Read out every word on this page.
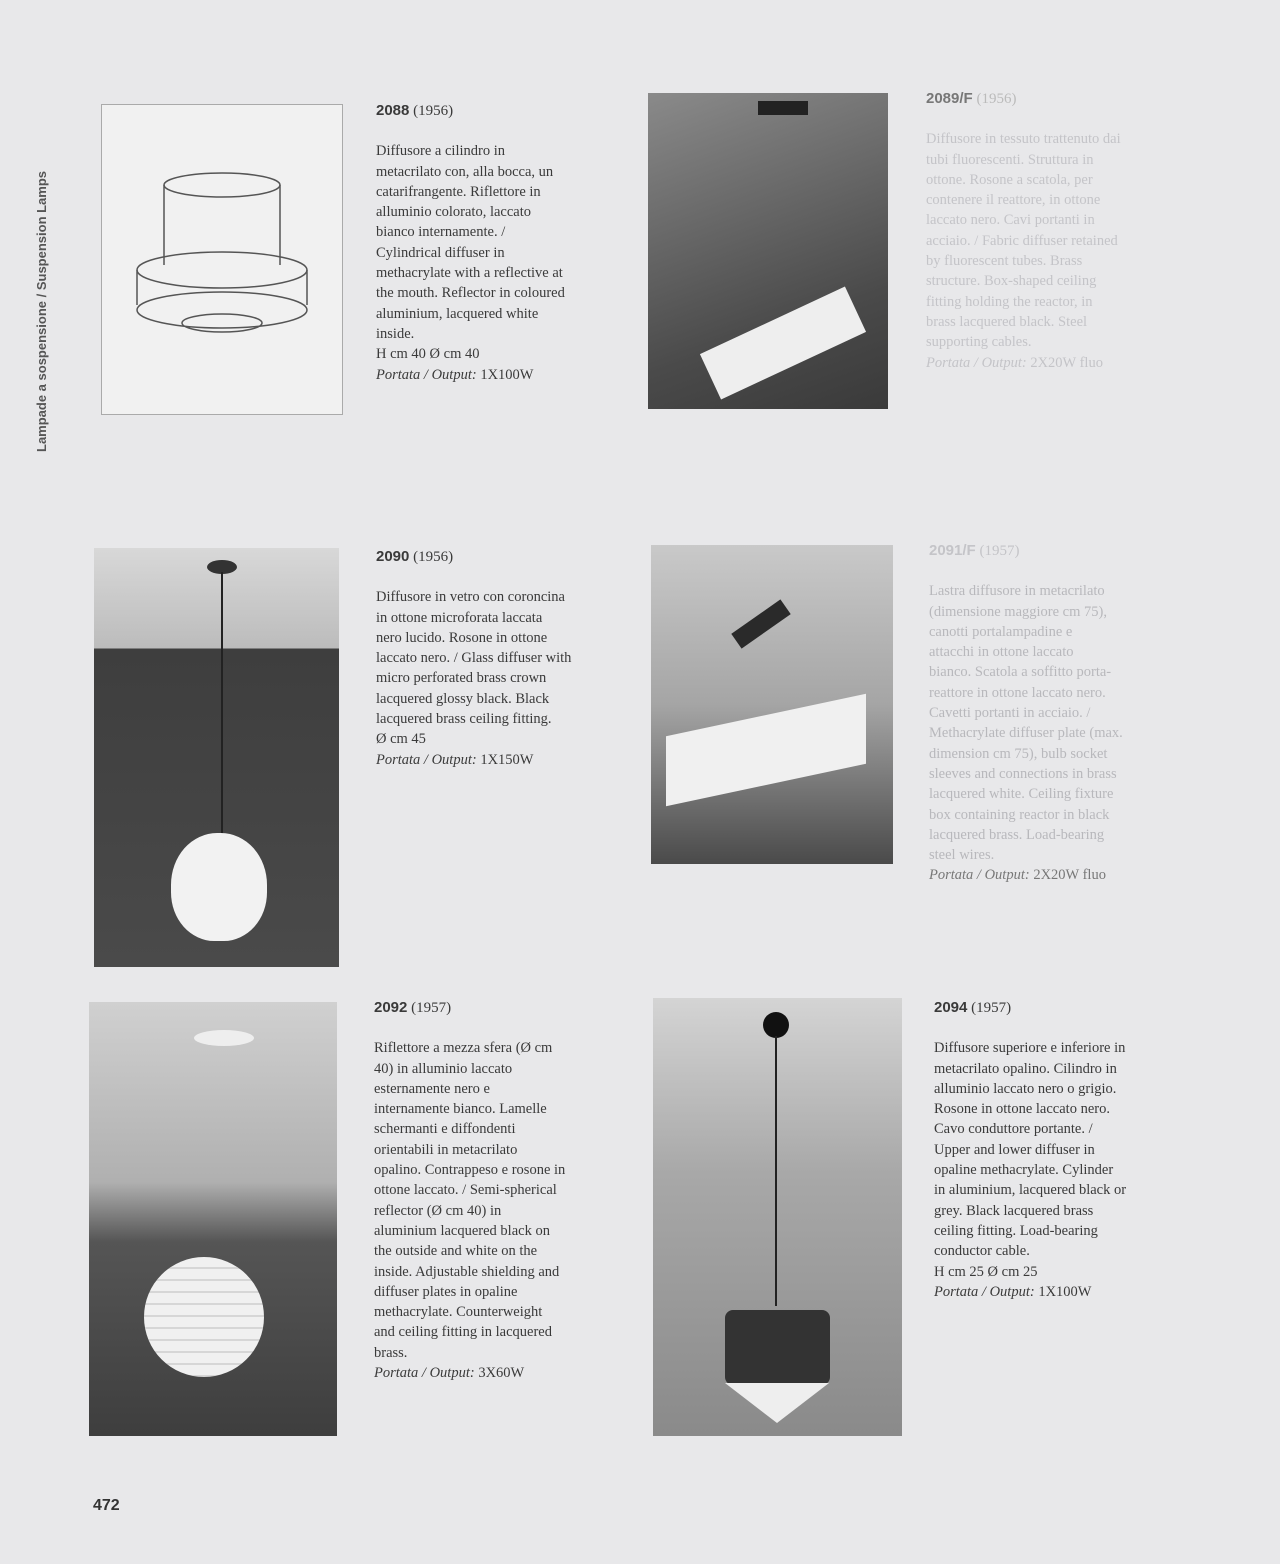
Lampade a sospensione / Suspension Lamps
2088 (1956)
Diffusore a cilindro in
metacrilato con, alla bocca, un
catarifrangente. Riflettore in
alluminio colorato, laccato
bianco internamente. /
Cylindrical diffuser in
methacrylate with a reflective at
the mouth. Reflector in coloured
aluminium, lacquered white
inside.
H cm 40 Ø cm 40
Portata / Output: 1X100W
2089/F (1956)
Diffusore in tessuto trattenuto dai
tubi fluorescenti. Struttura in
ottone. Rosone a scatola, per
contenere il reattore, in ottone
laccato nero. Cavi portanti in
acciaio. / Fabric diffuser retained
by fluorescent tubes. Brass
structure. Box-shaped ceiling
fitting holding the reactor, in
brass lacquered black. Steel
supporting cables.
Portata / Output: 2X20W fluo
2090 (1956)
Diffusore in vetro con coroncina
in ottone microforata laccata
nero lucido. Rosone in ottone
laccato nero. / Glass diffuser with
micro perforated brass crown
lacquered glossy black. Black
lacquered brass ceiling fitting.
Ø cm 45
Portata / Output: 1X150W
2091/F (1957)
Lastra diffusore in metacrilato
(dimensione maggiore cm 75),
canotti portalampadine e
attacchi in ottone laccato
bianco. Scatola a soffitto porta-
reattore in ottone laccato nero.
Cavetti portanti in acciaio. /
Methacrylate diffuser plate (max.
dimension cm 75), bulb socket
sleeves and connections in brass
lacquered white. Ceiling fixture
box containing reactor in black
lacquered brass. Load-bearing
steel wires.
Portata / Output: 2X20W fluo
2092 (1957)
Riflettore a mezza sfera (Ø cm
40) in alluminio laccato
esternamente nero e
internamente bianco. Lamelle
schermanti e diffondenti
orientabili in metacrilato
opalino. Contrappeso e rosone in
ottone laccato. / Semi-spherical
reflector (Ø cm 40) in
aluminium lacquered black on
the outside and white on the
inside. Adjustable shielding and
diffuser plates in opaline
methacrylate. Counterweight
and ceiling fitting in lacquered
brass.
Portata / Output: 3X60W
2094 (1957)
Diffusore superiore e inferiore in
metacrilato opalino. Cilindro in
alluminio laccato nero o grigio.
Rosone in ottone laccato nero.
Cavo conduttore portante. /
Upper and lower diffuser in
opaline methacrylate. Cylinder
in aluminium, lacquered black or
grey. Black lacquered brass
ceiling fitting. Load-bearing
conductor cable.
H cm 25 Ø cm 25
Portata / Output: 1X100W
472
